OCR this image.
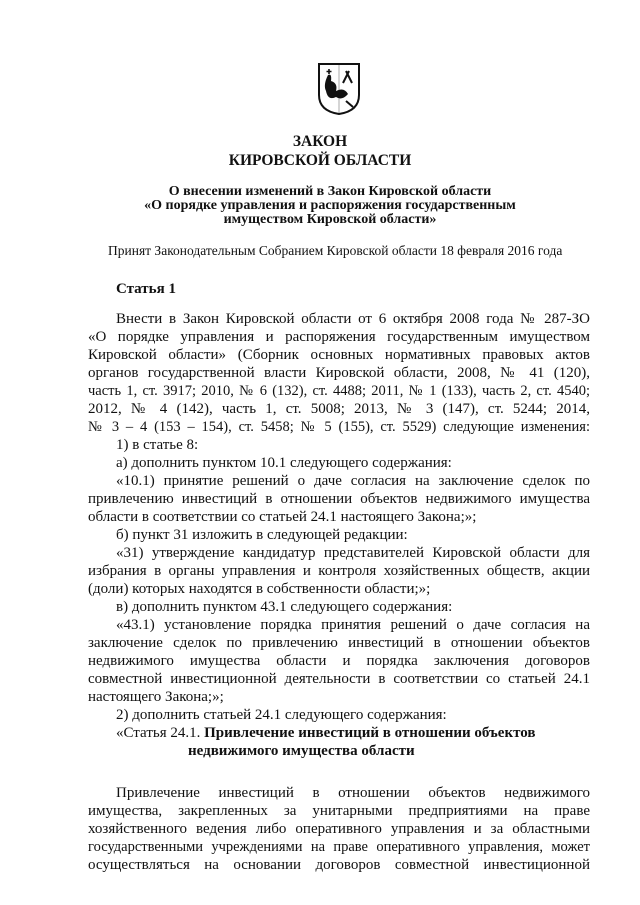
ЗАКОН
КИРОВСКОЙ ОБЛАСТИ
О внесении изменений в Закон Кировской области
«О порядке управления и распоряжения государственным
имуществом Кировской области»
Принят Законодательным Собранием Кировской области 18 февраля 2016 года
Статья 1
Внести в Закон Кировской области от 6 октября 2008 года № 287-ЗО
«О порядке управления и распоряжения государственным имуществом
Кировской области» (Сборник основных нормативных правовых актов
органов государственной власти Кировской области, 2008, № 41 (120),
часть 1, ст. 3917; 2010, № 6 (132), ст. 4488; 2011, № 1 (133), часть 2, ст. 4540;
2012, № 4 (142), часть 1, ст. 5008; 2013, № 3 (147), ст. 5244; 2014,
№ 3 – 4 (153 – 154), ст. 5458; № 5 (155), ст. 5529) следующие изменения:
1) в статье 8:
а) дополнить пунктом 10.1 следующего содержания:
«10.1) принятие решений о даче согласия на заключение сделок по
привлечению инвестиций в отношении объектов недвижимого имущества
области в соответствии со статьей 24.1 настоящего Закона;»;
б) пункт 31 изложить в следующей редакции:
«31) утверждение кандидатур представителей Кировской области для
избрания в органы управления и контроля хозяйственных обществ, акции
(доли) которых находятся в собственности области;»;
в) дополнить пунктом 43.1 следующего содержания:
«43.1) установление порядка принятия решений о даче согласия на
заключение сделок по привлечению инвестиций в отношении объектов
недвижимого имущества области и порядка заключения договоров
совместной инвестиционной деятельности в соответствии со статьей 24.1
настоящего Закона;»;
2) дополнить статьей 24.1 следующего содержания:
«Статья 24.1. Привлечение инвестиций в отношении объектов
недвижимого имущества области
Привлечение инвестиций в отношении объектов недвижимого
имущества, закрепленных за унитарными предприятиями на праве
хозяйственного ведения либо оперативного управления и за областными
государственными учреждениями на праве оперативного управления, может
осуществляться на основании договоров совместной инвестиционной
